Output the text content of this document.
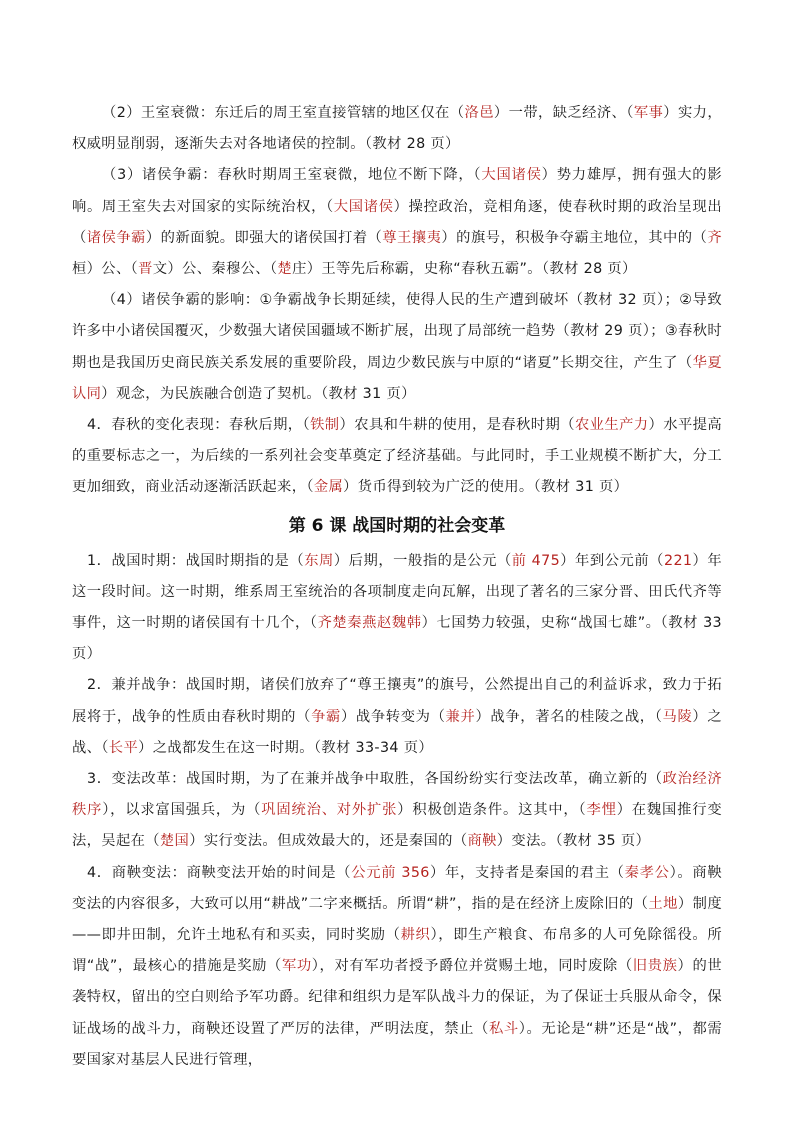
（2）王室衰微：东迁后的周王室直接管辖的地区仅在（洛邑）一带，缺乏经济、（军事）实力，权威明显削弱，逐渐失去对各地诸侯的控制。（教材 28 页）

（3）诸侯争霸：春秋时期周王室衰微，地位不断下降，（大国诸侯）势力雄厚，拥有强大的影响。周王室失去对国家的实际统治权，（大国诸侯）操控政治，竞相角逐，使春秋时期的政治呈现出（诸侯争霸）的新面貌。即强大的诸侯国打着（尊王攘夷）的旗号，积极争夺霸主地位，其中的（齐桓）公、（晋文）公、秦穆公、（楚庄）王等先后称霸，史称“春秋五霸”。（教材 28 页）

（4）诸侯争霸的影响：①争霸战争长期延续，使得人民的生产遭到破坏（教材 32 页）；②导致许多中小诸侯国覆灭，少数强大诸侯国疆域不断扩展，出现了局部统一趋势（教材 29 页）；③春秋时期也是我国历史商民族关系发展的重要阶段，周边少数民族与中原的“诸夏”长期交往，产生了（华夏认同）观念，为民族融合创造了契机。（教材 31 页）

4．春秋的变化表现：春秋后期，（铁制）农具和牛耕的使用，是春秋时期（农业生产力）水平提高的重要标志之一，为后续的一系列社会变革奠定了经济基础。与此同时，手工业规模不断扩大，分工更加细致，商业活动逐渐活跃起来，（金属）货币得到较为广泛的使用。（教材 31 页）

第 6 课 战国时期的社会变革

1．战国时期：战国时期指的是（东周）后期，一般指的是公元（前 475）年到公元前（221）年这一段时间。这一时期，维系周王室统治的各项制度走向瓦解，出现了著名的三家分晋、田氏代齐等事件，这一时期的诸侯国有十几个，（齐楚秦燕赵魏韩）七国势力较强，史称“战国七雄”。（教材 33 页）

2．兼并战争：战国时期，诸侯们放弃了“尊王攘夷”的旗号，公然提出自己的利益诉求，致力于拓展将于，战争的性质由春秋时期的（争霸）战争转变为（兼并）战争，著名的桂陵之战，（马陵）之战、（长平）之战都发生在这一时期。（教材 33-34 页）

3．变法改革：战国时期，为了在兼并战争中取胜，各国纷纷实行变法改革，确立新的（政治经济秩序），以求富国强兵，为（巩固统治、对外扩张）积极创造条件。这其中，（李悝）在魏国推行变法，吴起在（楚国）实行变法。但成效最大的，还是秦国的（商鞅）变法。（教材 35 页）

4．商鞅变法：商鞅变法开始的时间是（公元前 356）年，支持者是秦国的君主（秦孝公）。商鞅变法的内容很多，大致可以用“耕战”二字来概括。所谓“耕”，指的是在经济上废除旧的（土地）制度——即井田制，允许土地私有和买卖，同时奖励（耕织），即生产粮食、布帛多的人可免除徭役。所谓“战”，最核心的措施是奖励（军功），对有军功者授予爵位并赏赐土地，同时废除（旧贵族）的世袭特权，留出的空白则给予军功爵。纪律和组织力是军队战斗力的保证，为了保证士兵服从命令，保证战场的战斗力，商鞅还设置了严厉的法律，严明法度，禁止（私斗）。无论是“耕”还是“战”，都需要国家对基层人民进行管理，
